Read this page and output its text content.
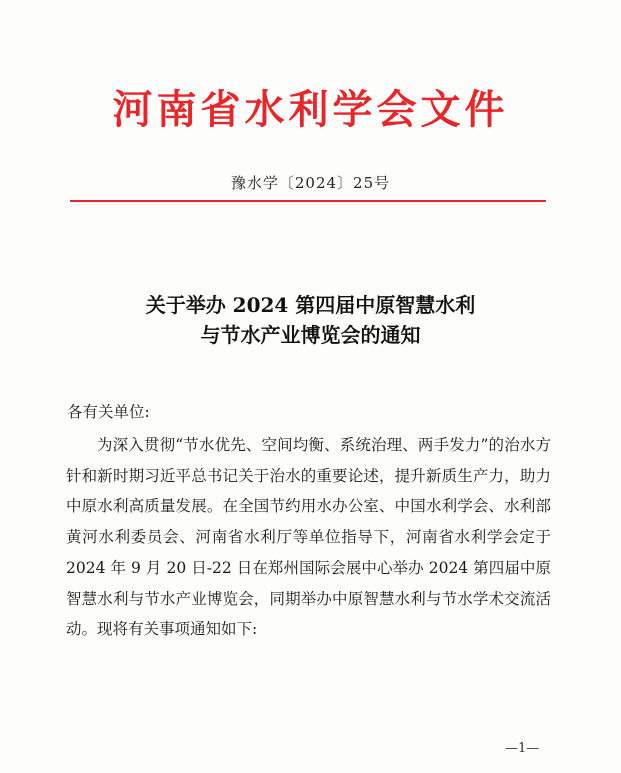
河南省水利学会文件
豫水学〔2024〕25号
关于举办 2024 第四届中原智慧水利
与节水产业博览会的通知
各有关单位:

为深入贯彻“节水优先、空间均衡、系统治理、两手发力”的治水方针和新时期习近平总书记关于治水的重要论述，提升新质生产力，助力中原水利高质量发展。在全国节约用水办公室、中国水利学会、水利部黄河水利委员会、河南省水利厅等单位指导下，河南省水利学会定于 2024 年 9 月 20 日-22 日在郑州国际会展中心举办 2024 第四届中原智慧水利与节水产业博览会，同期举办中原智慧水利与节水学术交流活动。现将有关事项通知如下:

—1—
